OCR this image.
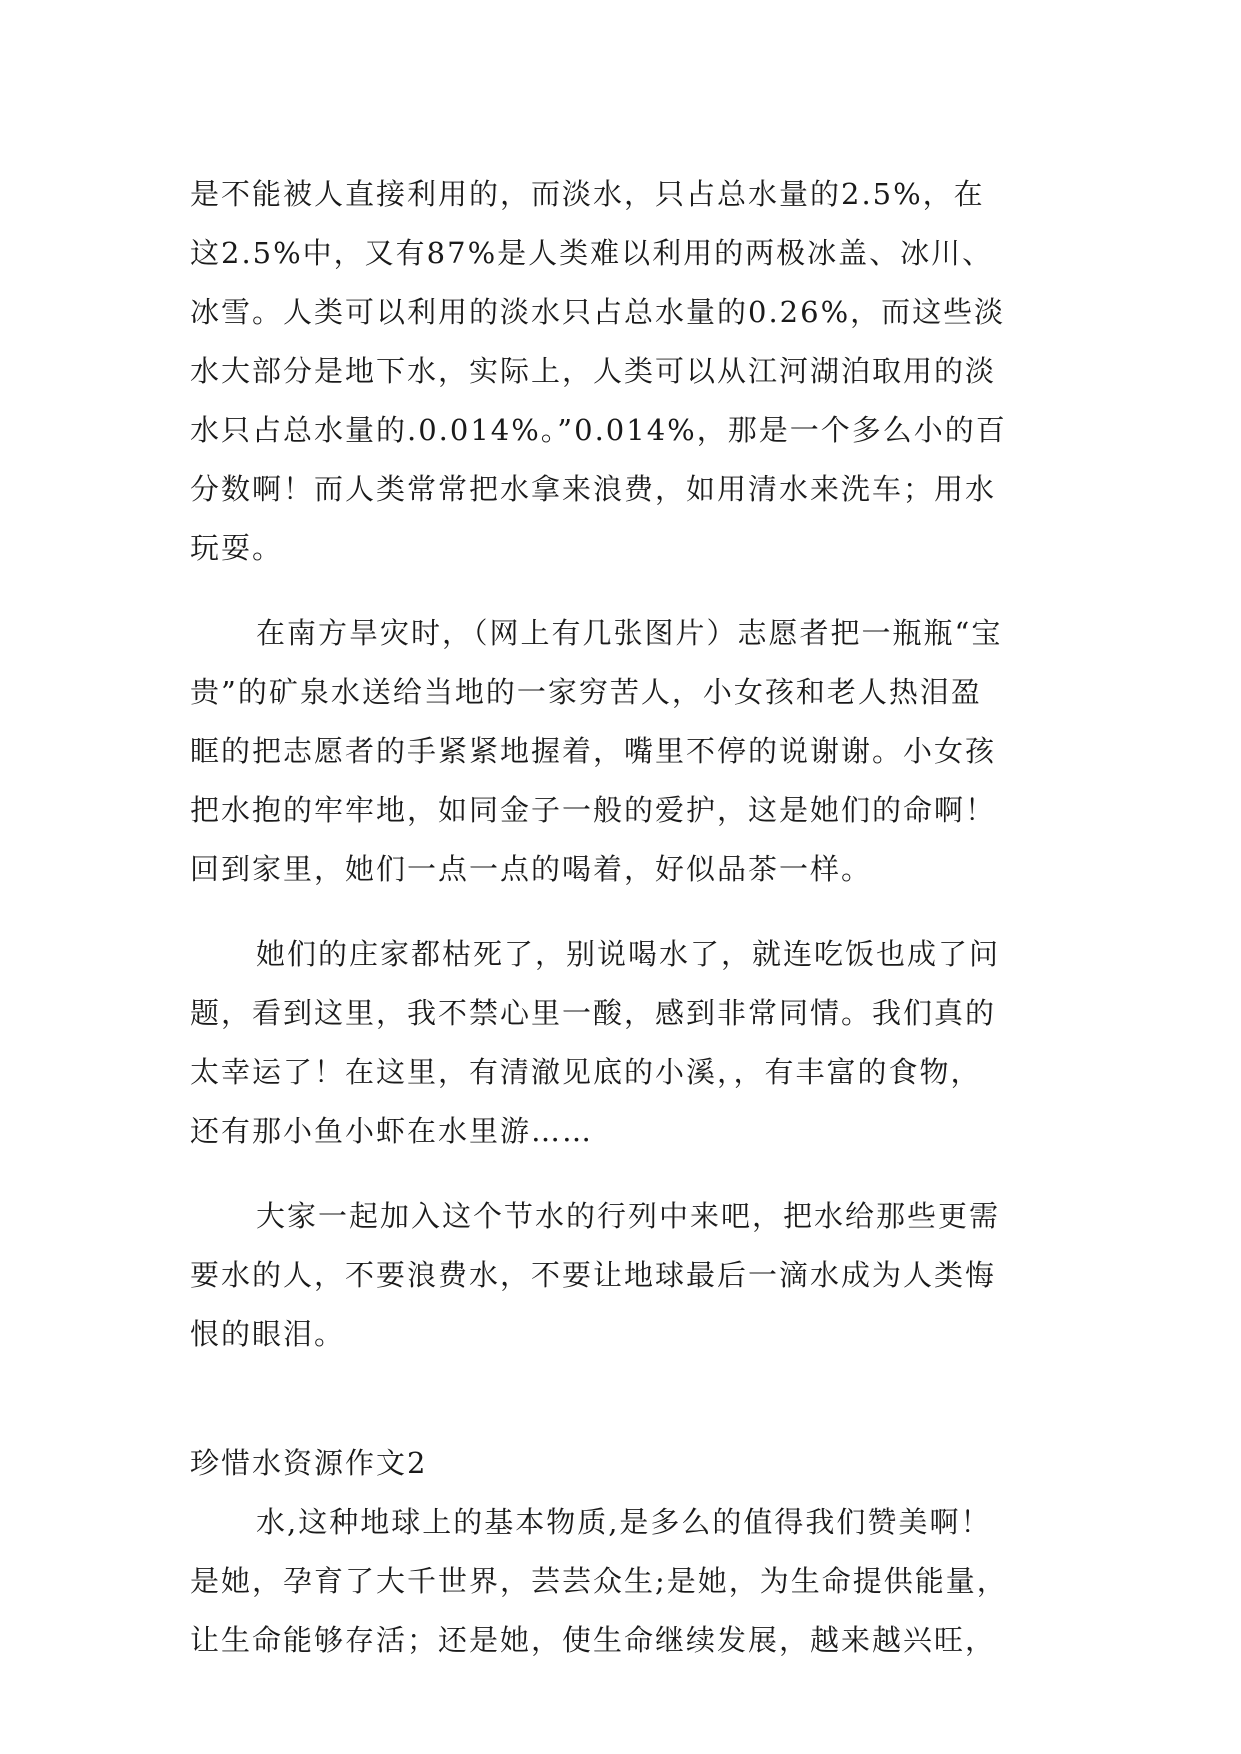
是不能被人直接利用的，而淡水，只占总水量的2.5%，在
这2.5%中，又有87%是人类难以利用的两极冰盖、冰川、
冰雪。人类可以利用的淡水只占总水量的0.26%，而这些淡
水大部分是地下水，实际上，人类可以从江河湖泊取用的淡
水只占总水量的.0.014%。”0.014%，那是一个多么小的百
分数啊！而人类常常把水拿来浪费，如用清水来洗车；用水
玩耍。
在南方旱灾时，（网上有几张图片）志愿者把一瓶瓶“宝
贵”的矿泉水送给当地的一家穷苦人，小女孩和老人热泪盈
眶的把志愿者的手紧紧地握着，嘴里不停的说谢谢。小女孩
把水抱的牢牢地，如同金子一般的爱护，这是她们的命啊！
回到家里，她们一点一点的喝着，好似品茶一样。
她们的庄家都枯死了，别说喝水了，就连吃饭也成了问
题，看到这里，我不禁心里一酸，感到非常同情。我们真的
太幸运了！在这里，有清澈见底的小溪，，有丰富的食物，
还有那小鱼小虾在水里游……
大家一起加入这个节水的行列中来吧，把水给那些更需
要水的人，不要浪费水，不要让地球最后一滴水成为人类悔
恨的眼泪。
珍惜水资源作文2
水,这种地球上的基本物质,是多么的值得我们赞美啊！
是她，孕育了大千世界，芸芸众生;是她，为生命提供能量，
让生命能够存活；还是她，使生命继续发展，越来越兴旺，
